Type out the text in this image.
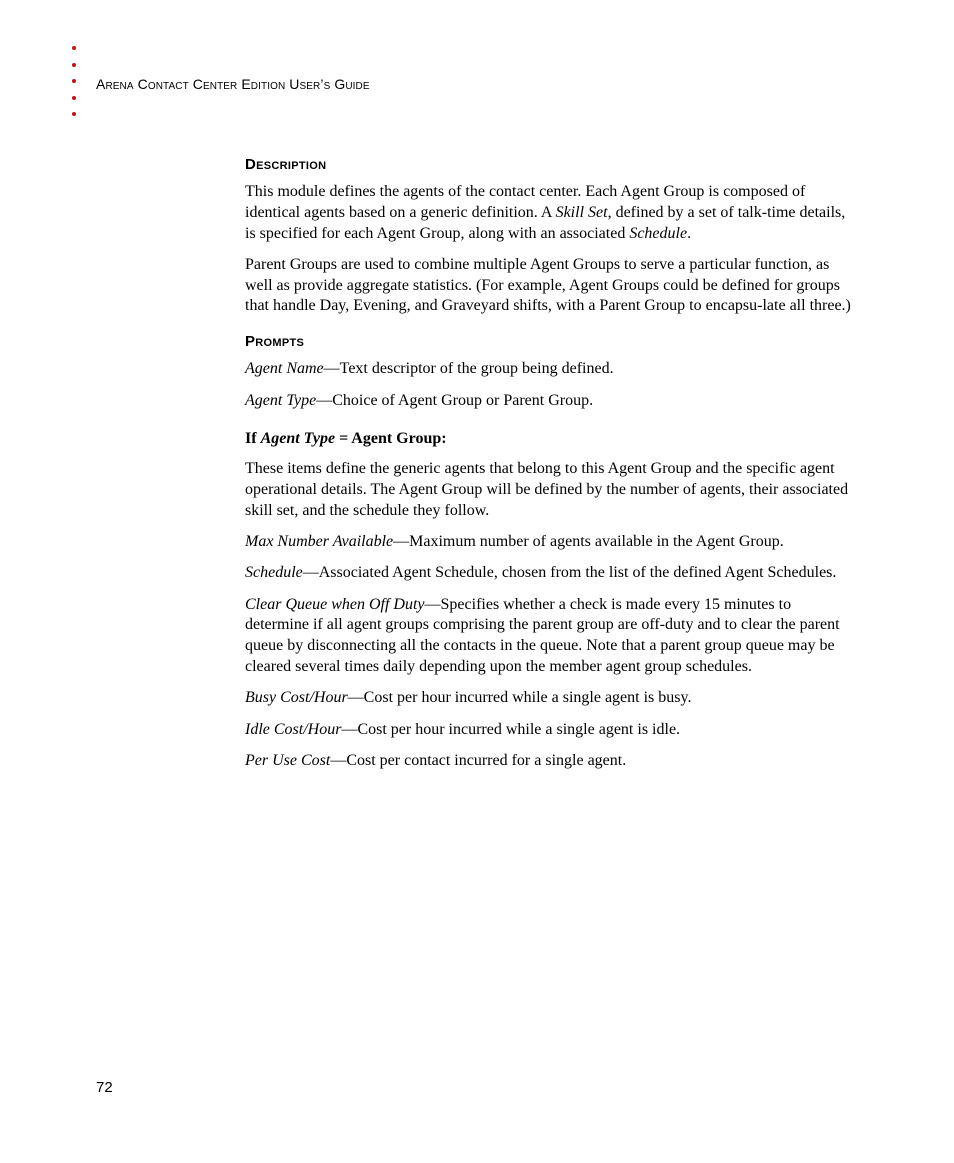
Arena Contact Center Edition User’s Guide
Description

This module defines the agents of the contact center. Each Agent Group is composed of identical agents based on a generic definition. A Skill Set, defined by a set of talk-time details, is specified for each Agent Group, along with an associated Schedule.

Parent Groups are used to combine multiple Agent Groups to serve a particular function, as well as provide aggregate statistics. (For example, Agent Groups could be defined for groups that handle Day, Evening, and Graveyard shifts, with a Parent Group to encapsu-late all three.)

Prompts

Agent Name—Text descriptor of the group being defined.

Agent Type—Choice of Agent Group or Parent Group.

If Agent Type = Agent Group:

These items define the generic agents that belong to this Agent Group and the specific agent operational details. The Agent Group will be defined by the number of agents, their associated skill set, and the schedule they follow.

Max Number Available—Maximum number of agents available in the Agent Group.

Schedule—Associated Agent Schedule, chosen from the list of the defined Agent Schedules.

Clear Queue when Off Duty—Specifies whether a check is made every 15 minutes to determine if all agent groups comprising the parent group are off-duty and to clear the parent queue by disconnecting all the contacts in the queue. Note that a parent group queue may be cleared several times daily depending upon the member agent group schedules.

Busy Cost/Hour—Cost per hour incurred while a single agent is busy.

Idle Cost/Hour—Cost per hour incurred while a single agent is idle.

Per Use Cost—Cost per contact incurred for a single agent.

72
